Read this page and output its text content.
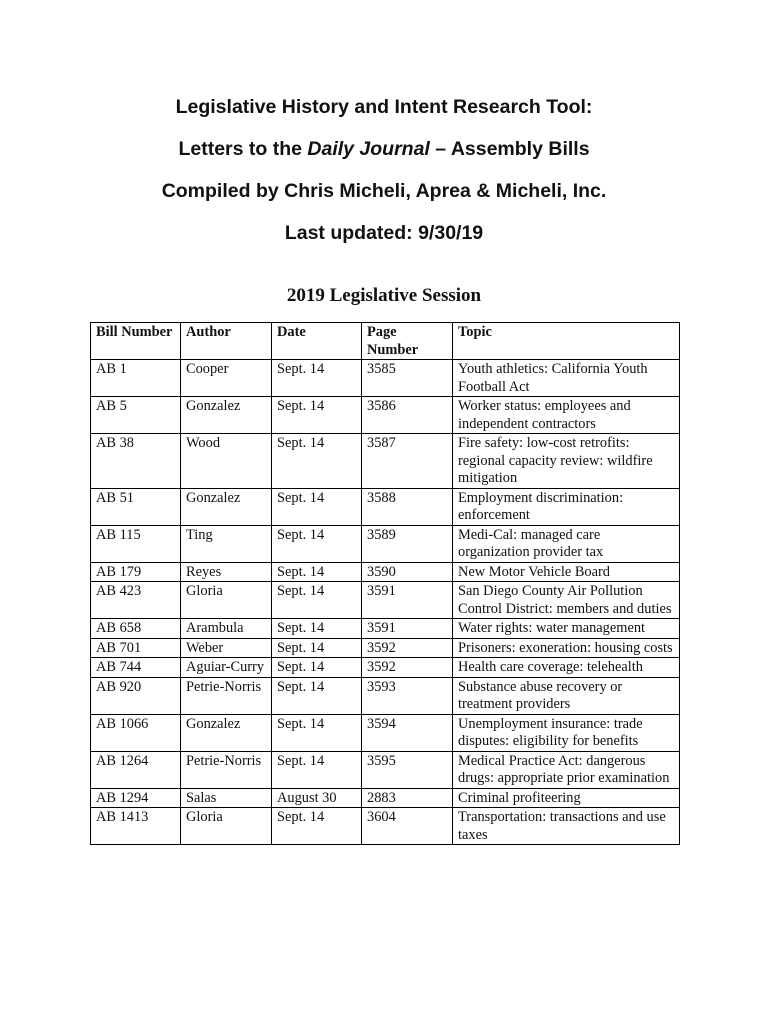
Legislative History and Intent Research Tool:
Letters to the Daily Journal – Assembly Bills
Compiled by Chris Micheli, Aprea & Micheli, Inc.
Last updated: 9/30/19
2019 Legislative Session
Bill Number	Author	Date	Page Number	Topic
AB 1	Cooper	Sept. 14	3585	Youth athletics: California Youth Football Act
AB 5	Gonzalez	Sept. 14	3586	Worker status: employees and independent contractors
AB 38	Wood	Sept. 14	3587	Fire safety: low-cost retrofits: regional capacity review: wildfire mitigation
AB 51	Gonzalez	Sept. 14	3588	Employment discrimination: enforcement
AB 115	Ting	Sept. 14	3589	Medi-Cal: managed care organization provider tax
AB 179	Reyes	Sept. 14	3590	New Motor Vehicle Board
AB 423	Gloria	Sept. 14	3591	San Diego County Air Pollution Control District: members and duties
AB 658	Arambula	Sept. 14	3591	Water rights: water management
AB 701	Weber	Sept. 14	3592	Prisoners: exoneration: housing costs
AB 744	Aguiar-Curry	Sept. 14	3592	Health care coverage: telehealth
AB 920	Petrie-Norris	Sept. 14	3593	Substance abuse recovery or treatment providers
AB 1066	Gonzalez	Sept. 14	3594	Unemployment insurance: trade disputes: eligibility for benefits
AB 1264	Petrie-Norris	Sept. 14	3595	Medical Practice Act: dangerous drugs: appropriate prior examination
AB 1294	Salas	August 30	2883	Criminal profiteering
AB 1413	Gloria	Sept. 14	3604	Transportation: transactions and use taxes
